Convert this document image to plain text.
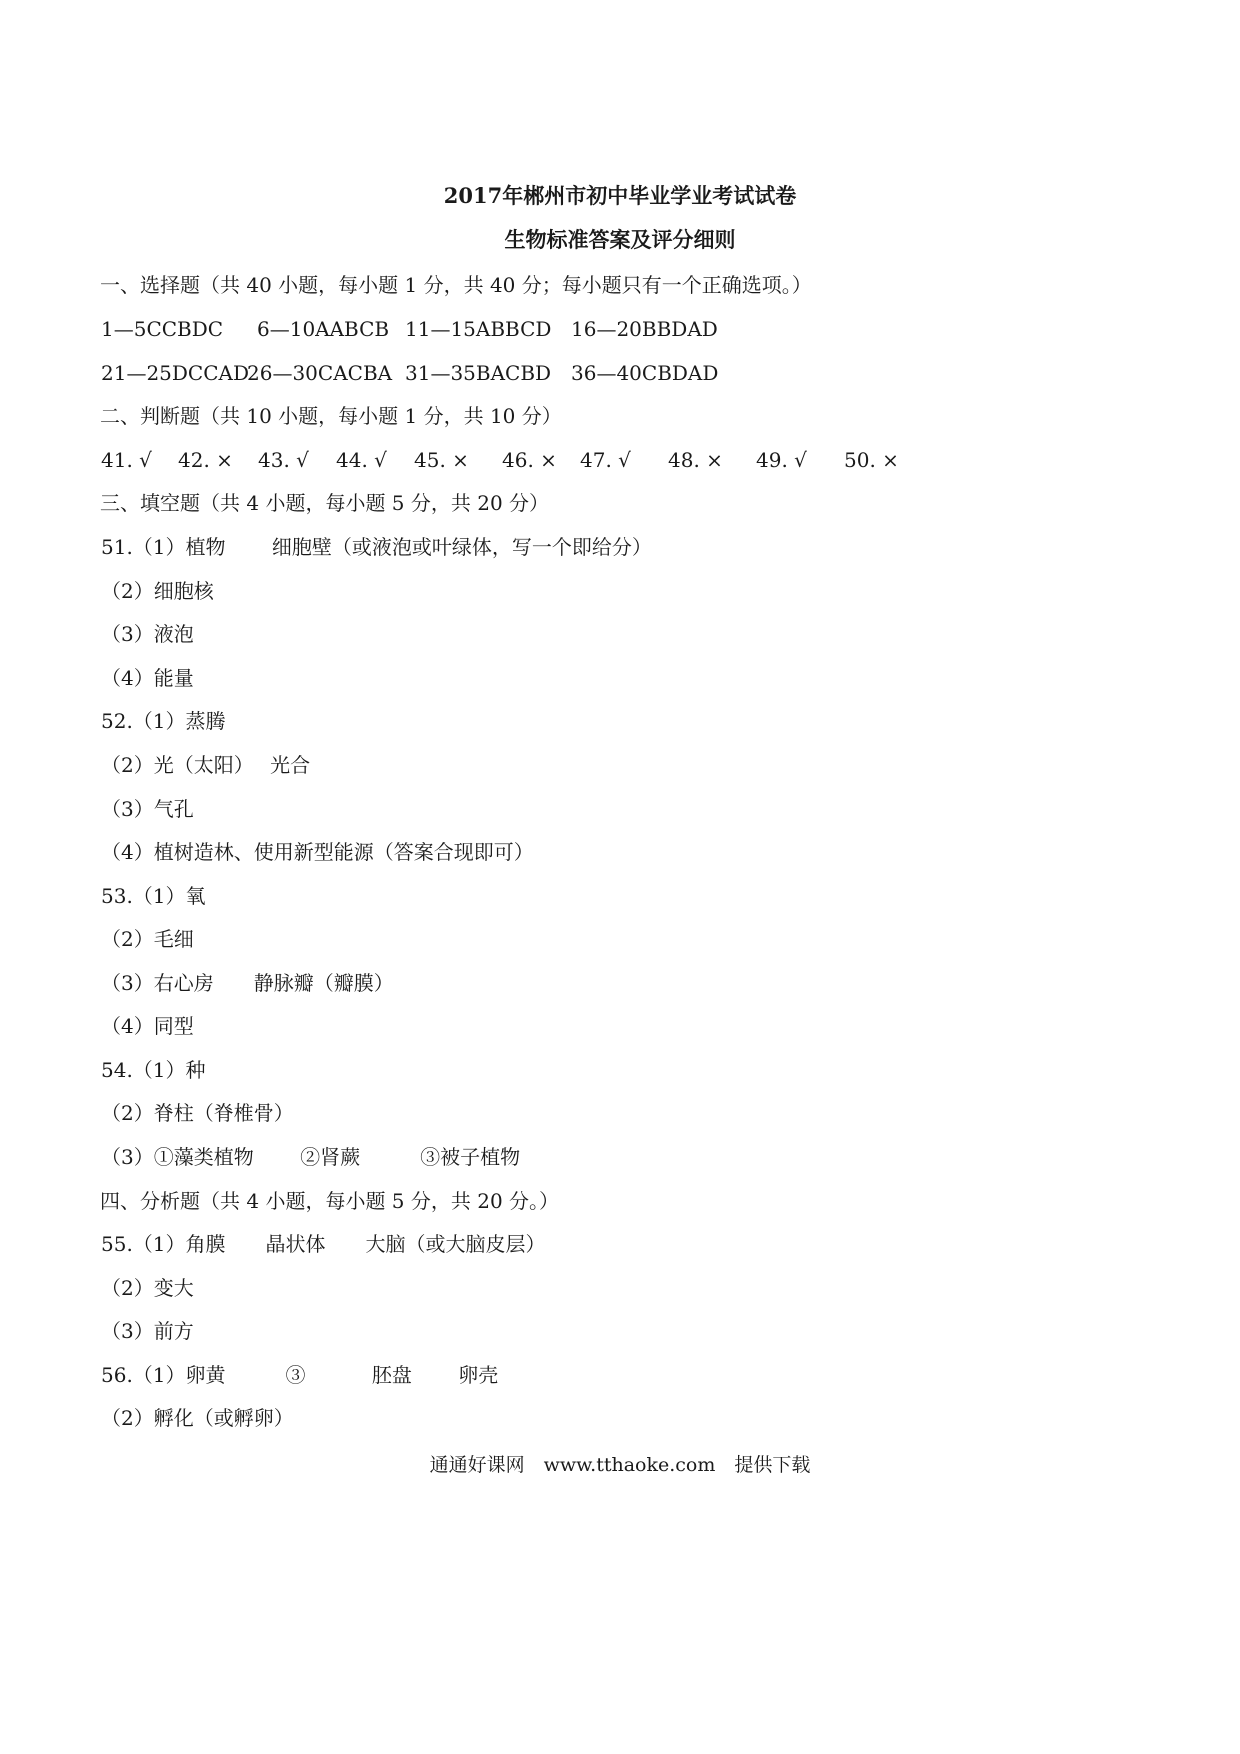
2017年郴州市初中毕业学业考试试卷
生物标准答案及评分细则
一、选择题（共 40 小题，每小题 1 分，共 40 分；每小题只有一个正确选项。）
1—5CCBDC 6—10AABCB 11—15ABBCD 16—20BBDAD
21—25DCCAD
26—30CACBA 31—35BACBD 36—40CBDAD
二、判断题（共 10 小题，每小题 1 分，共 10 分）
41. √ 42. × 43. √ 44. √ 45. × 46. × 47. √ 48. × 49. √ 50. ×
三、填空题（共 4 小题，每小题 5 分，共 20 分）
51.（1）植物　　 细胞壁（或液泡或叶绿体，写一个即给分）
（2）细胞核
（3）液泡
（4）能量
52.（1）蒸腾
（2）光（太阳）　 光合
（3）气孔
（4）植树造林、使用新型能源（答案合现即可）
53.（1）氧
（2）毛细
（3）右心房　　静脉瓣（瓣膜）
（4）同型
54.（1）种
（2）脊柱（脊椎骨）
（3）①藻类植物　　 ②肾蕨　　　③被子植物
四、分析题（共 4 小题，每小题 5 分，共 20 分。）
55.（1）角膜　　晶状体　　大脑（或大脑皮层）
（2）变大
（3）前方
56.（1）卵黄　　　③　　　 胚盘　　 卵壳
（2）孵化（或孵卵）
通通好课网　www.tthaoke.com　提供下载
